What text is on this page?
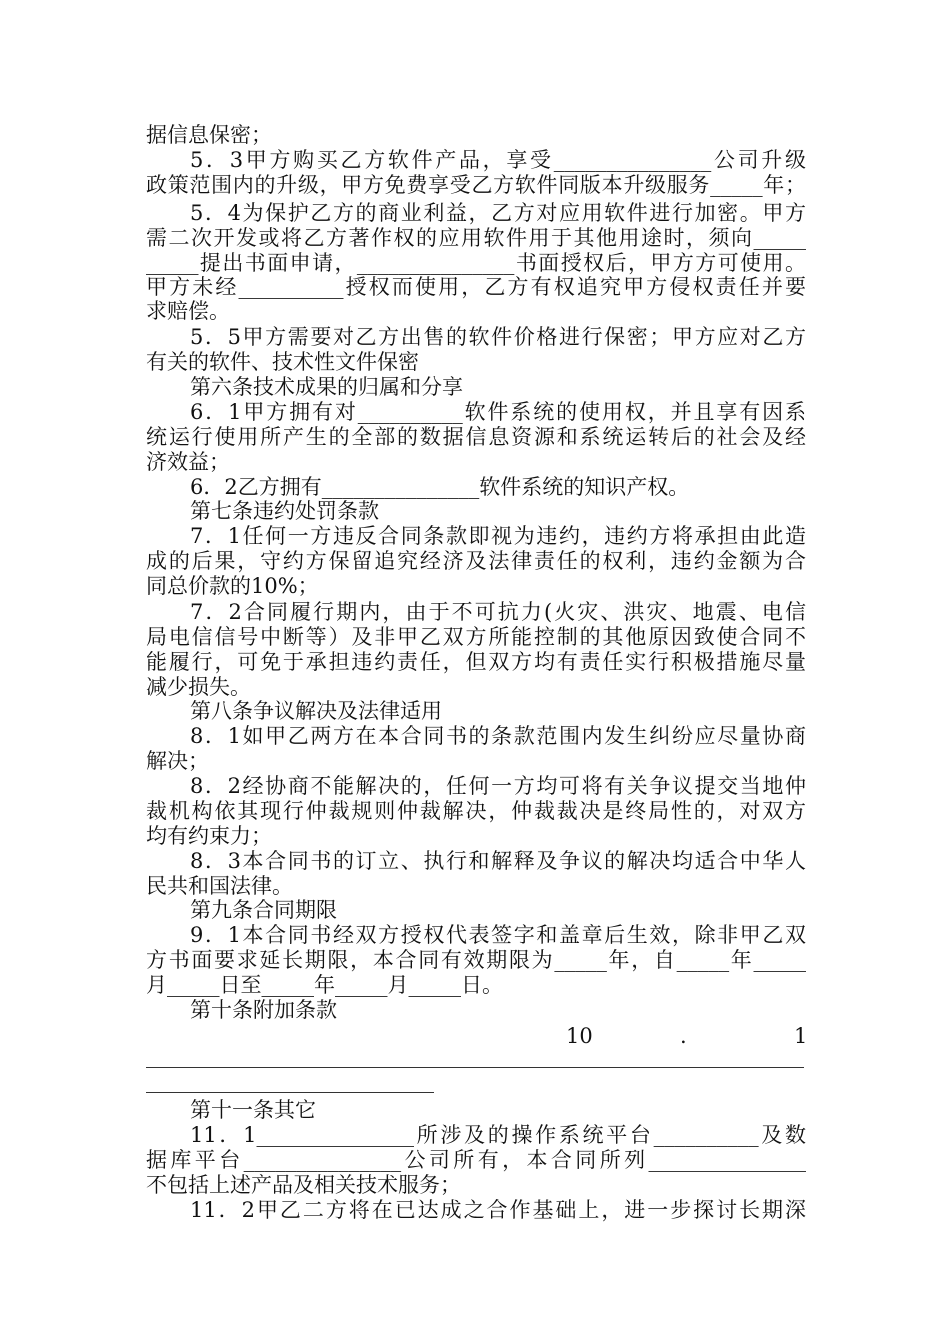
据信息保密；
5．3甲方购买乙方软件产品，享受_______________公司升级
政策范围内的升级，甲方免费享受乙方软件同版本升级服务_____年；
5．4为保护乙方的商业利益，乙方对应用软件进行加密。甲方
需二次开发或将乙方著作权的应用软件用于其他用途时，须向_____
_____提出书面申请，_______________书面授权后，甲方方可使用。
甲方未经__________授权而使用，乙方有权追究甲方侵权责任并要
求赔偿。
5．5甲方需要对乙方出售的软件价格进行保密；甲方应对乙方
有关的软件、技术性文件保密
第六条技术成果的归属和分享
6．1甲方拥有对__________软件系统的使用权，并且享有因系
统运行使用所产生的全部的数据信息资源和系统运转后的社会及经
济效益；
6．2乙方拥有_______________软件系统的知识产权。
第七条违约处罚条款
7．1任何一方违反合同条款即视为违约，违约方将承担由此造
成的后果，守约方保留追究经济及法律责任的权利，违约金额为合
同总价款的10%；
7．2合同履行期内，由于不可抗力(火灾、洪灾、地震、电信
局电信信号中断等）及非甲乙双方所能控制的其他原因致使合同不
能履行，可免于承担违约责任，但双方均有责任实行积极措施尽量
减少损失。
第八条争议解决及法律适用
8．1如甲乙两方在本合同书的条款范围内发生纠纷应尽量协商
解决；
8．2经协商不能解决的，任何一方均可将有关争议提交当地仲
裁机构依其现行仲裁规则仲裁解决，仲裁裁决是终局性的，对双方
均有约束力；
8．3本合同书的订立、执行和解释及争议的解决均适合中华人
民共和国法律。
第九条合同期限
9．1本合同书经双方授权代表签字和盖章后生效，除非甲乙双
方书面要求延长期限，本合同有效期限为_____年，自_____年_____
月_____日至_____年_____月_____日。
第十条附加条款
10	.	1
第十一条其它
11．1_______________所涉及的操作系统平台__________及数
据库平台_______________公司所有，本合同所列_______________
不包括上述产品及相关技术服务；
11．2甲乙二方将在已达成之合作基础上，进一步探讨长期深
